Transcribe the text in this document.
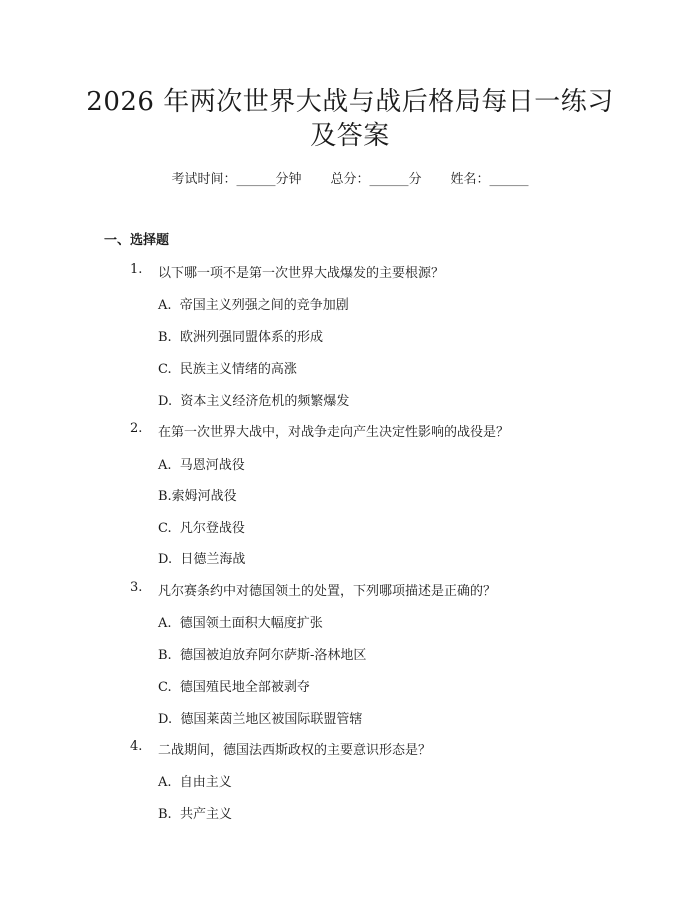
2026 年两次世界大战与战后格局每日一练习
及答案
考试时间：______分钟 总分：______分 姓名：______
一、选择题
1. 以下哪一项不是第一次世界大战爆发的主要根源？
A.  帝国主义列强之间的竞争加剧
B.  欧洲列强同盟体系的形成
C.  民族主义情绪的高涨
D.  资本主义经济危机的频繁爆发
2. 在第一次世界大战中，对战争走向产生决定性影响的战役是？
A.  马恩河战役
B.索姆河战役
C.  凡尔登战役
D.  日德兰海战
3. 凡尔赛条约中对德国领土的处置，下列哪项描述是正确的？
A.  德国领土面积大幅度扩张
B.  德国被迫放弃阿尔萨斯-洛林地区
C.  德国殖民地全部被剥夺
D.  德国莱茵兰地区被国际联盟管辖
4. 二战期间，德国法西斯政权的主要意识形态是？
A.  自由主义
B.  共产主义
